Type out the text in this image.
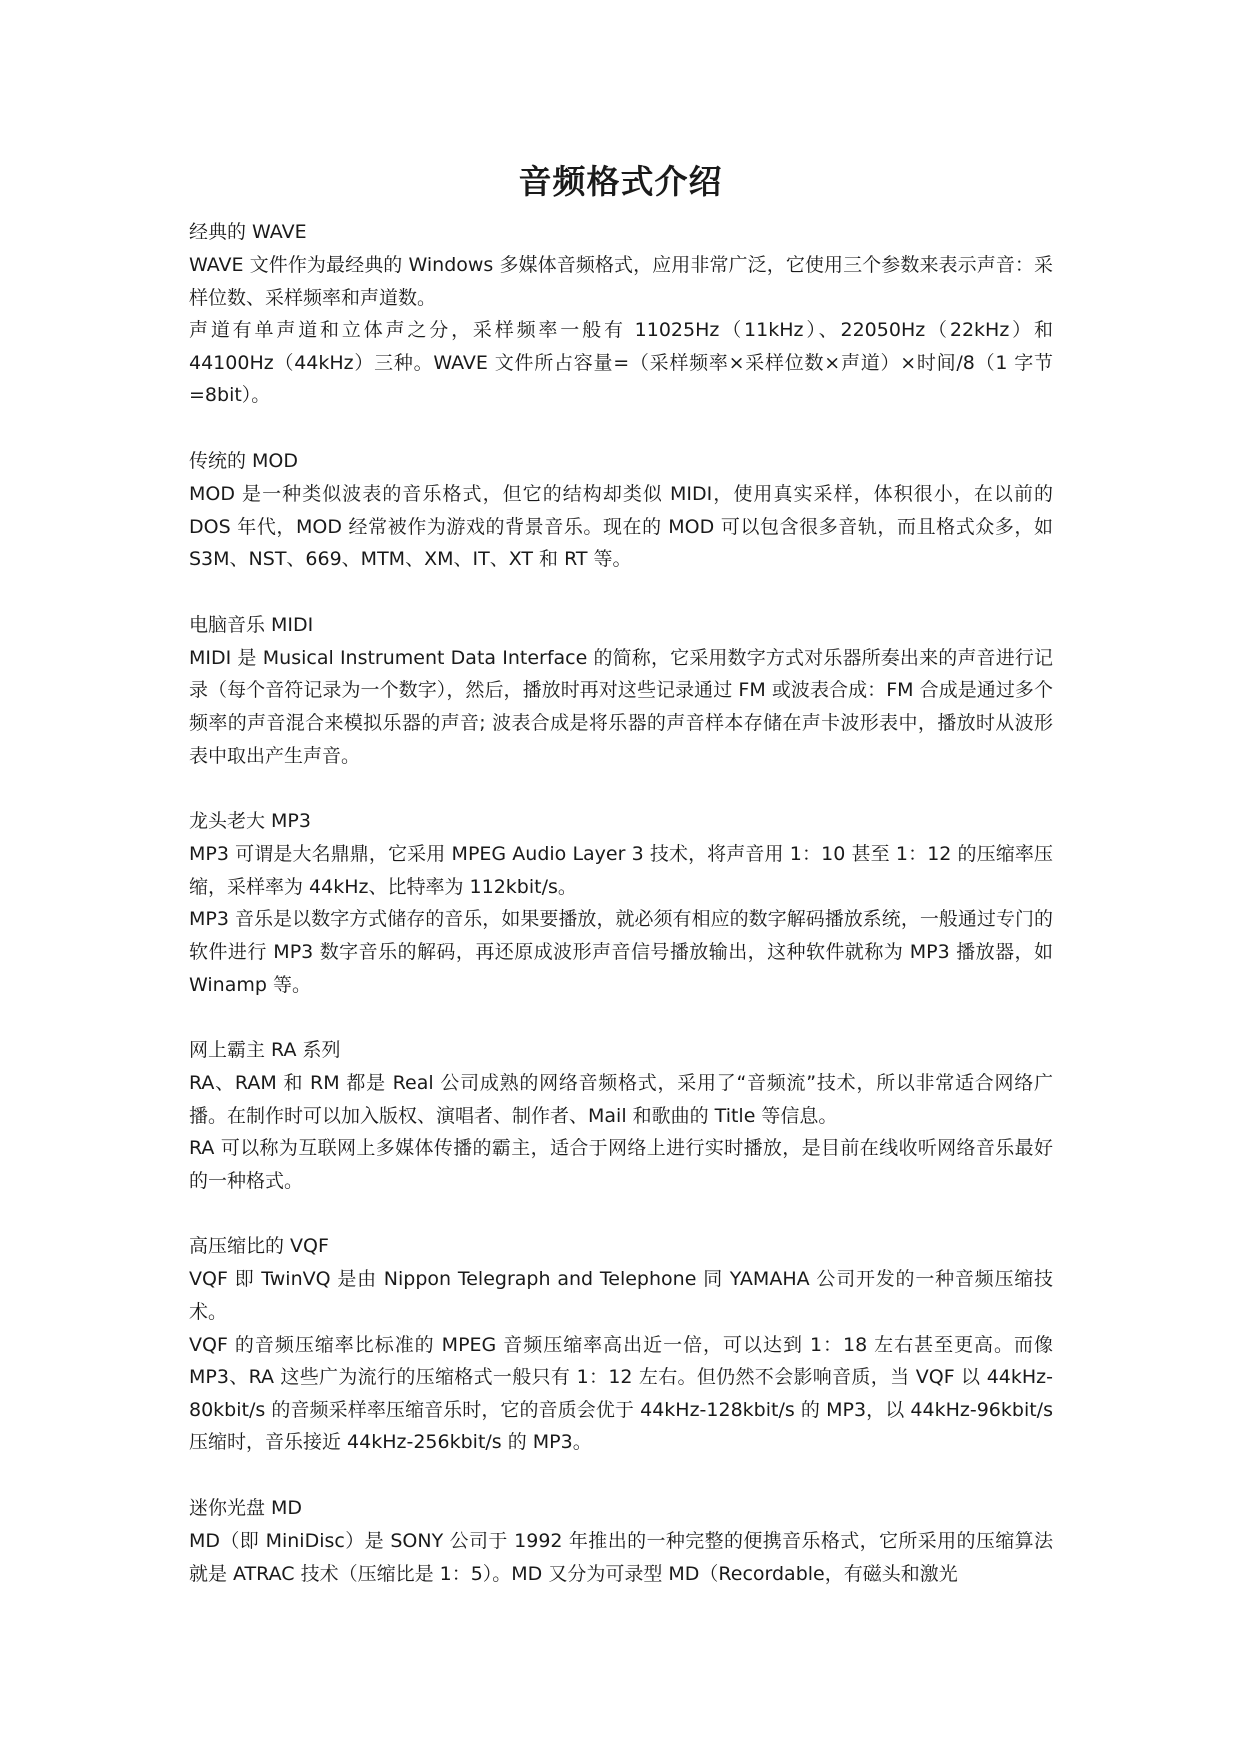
音频格式介绍

经典的 WAVE

WAVE 文件作为最经典的 Windows 多媒体音频格式，应用非常广泛，它使用三个参数来表示声音：采样位数、采样频率和声道数。

声道有单声道和立体声之分，采样频率一般有 11025Hz（11kHz）、22050Hz（22kHz）和 44100Hz（44kHz）三种。WAVE 文件所占容量=（采样频率×采样位数×声道）×时间/8（1 字节=8bit）。

传统的 MOD

MOD 是一种类似波表的音乐格式，但它的结构却类似 MIDI，使用真实采样，体积很小，在以前的 DOS 年代，MOD 经常被作为游戏的背景音乐。现在的 MOD 可以包含很多音轨，而且格式众多，如 S3M、NST、669、MTM、XM、IT、XT 和 RT 等。

电脑音乐 MIDI

MIDI 是 Musical Instrument Data Interface 的简称，它采用数字方式对乐器所奏出来的声音进行记录（每个音符记录为一个数字），然后，播放时再对这些记录通过 FM 或波表合成：FM 合成是通过多个频率的声音混合来模拟乐器的声音; 波表合成是将乐器的声音样本存储在声卡波形表中，播放时从波形表中取出产生声音。

龙头老大 MP3

MP3 可谓是大名鼎鼎，它采用 MPEG Audio Layer 3 技术，将声音用 1：10 甚至 1：12 的压缩率压缩，采样率为 44kHz、比特率为 112kbit/s。

MP3 音乐是以数字方式储存的音乐，如果要播放，就必须有相应的数字解码播放系统，一般通过专门的软件进行 MP3 数字音乐的解码，再还原成波形声音信号播放输出，这种软件就称为 MP3 播放器，如 Winamp 等。

网上霸主 RA 系列

RA、RAM 和 RM 都是 Real 公司成熟的网络音频格式，采用了“音频流”技术，所以非常适合网络广播。在制作时可以加入版权、演唱者、制作者、Mail 和歌曲的 Title 等信息。

RA 可以称为互联网上多媒体传播的霸主，适合于网络上进行实时播放，是目前在线收听网络音乐最好的一种格式。

高压缩比的 VQF

VQF 即 TwinVQ 是由 Nippon Telegraph and Telephone 同 YAMAHA 公司开发的一种音频压缩技术。

VQF 的音频压缩率比标准的 MPEG 音频压缩率高出近一倍，可以达到 1：18 左右甚至更高。而像 MP3、RA 这些广为流行的压缩格式一般只有 1：12 左右。但仍然不会影响音质，当 VQF 以 44kHz-80kbit/s 的音频采样率压缩音乐时，它的音质会优于 44kHz-128kbit/s 的 MP3，以 44kHz-96kbit/s 压缩时，音乐接近 44kHz-256kbit/s 的 MP3。

迷你光盘 MD

MD（即 MiniDisc）是 SONY 公司于 1992 年推出的一种完整的便携音乐格式，它所采用的压缩算法就是 ATRAC 技术（压缩比是 1：5）。MD 又分为可录型 MD（Recordable，有磁头和激光
